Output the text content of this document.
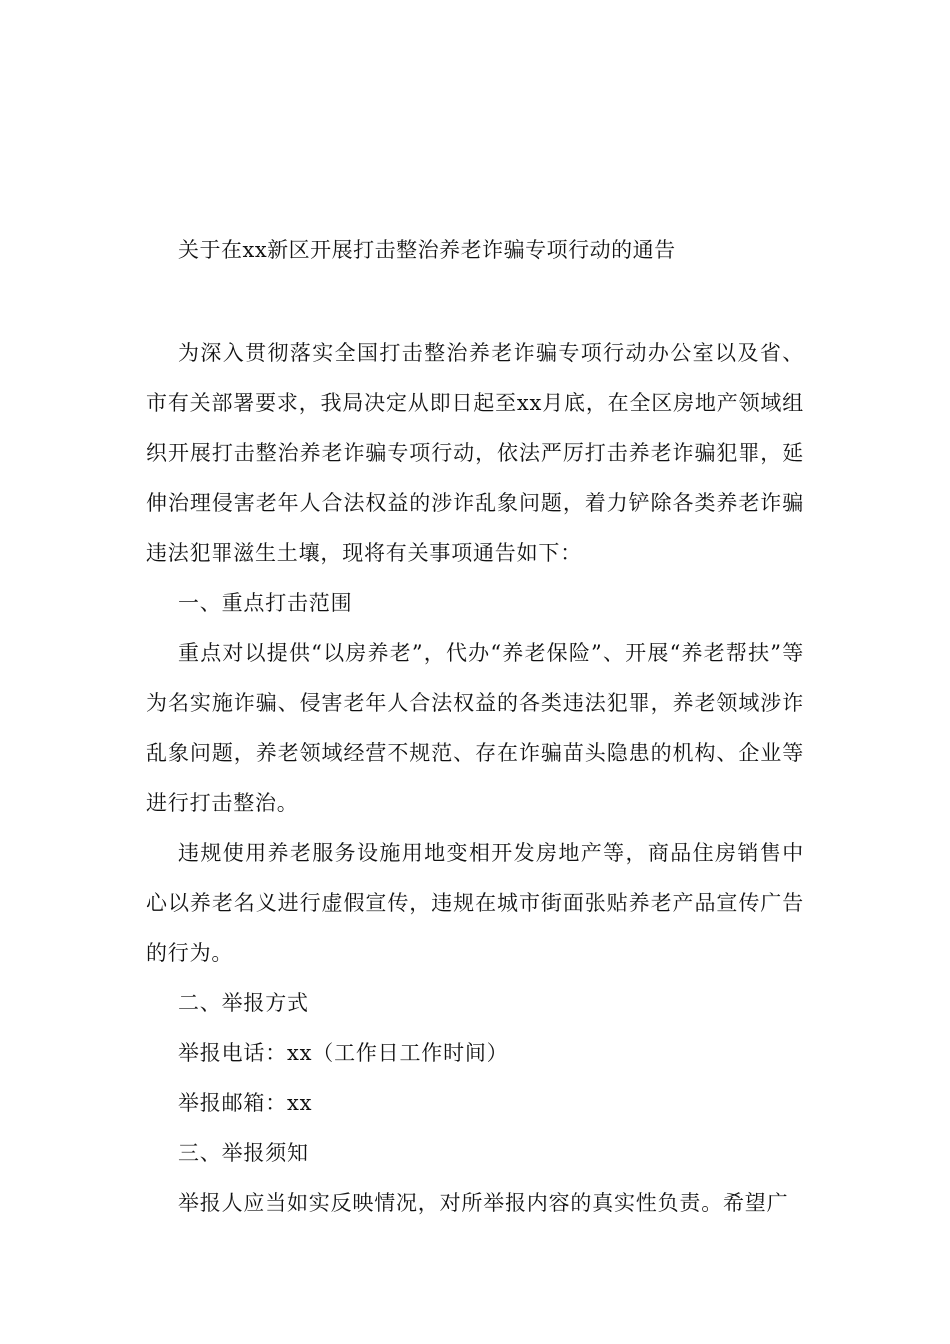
关于在xx新区开展打击整治养老诈骗专项行动的通告

为深入贯彻落实全国打击整治养老诈骗专项行动办公室以及省、市有关部署要求，我局决定从即日起至xx月底，在全区房地产领域组织开展打击整治养老诈骗专项行动，依法严厉打击养老诈骗犯罪，延伸治理侵害老年人合法权益的涉诈乱象问题，着力铲除各类养老诈骗违法犯罪滋生土壤，现将有关事项通告如下：

一、重点打击范围

重点对以提供“以房养老”，代办“养老保险”、开展“养老帮扶”等为名实施诈骗、侵害老年人合法权益的各类违法犯罪，养老领域涉诈乱象问题，养老领域经营不规范、存在诈骗苗头隐患的机构、企业等进行打击整治。

违规使用养老服务设施用地变相开发房地产等，商品住房销售中心以养老名义进行虚假宣传，违规在城市街面张贴养老产品宣传广告的行为。

二、举报方式

举报电话：xx（工作日工作时间）

举报邮箱：xx

三、举报须知

举报人应当如实反映情况，对所举报内容的真实性负责。希望广
